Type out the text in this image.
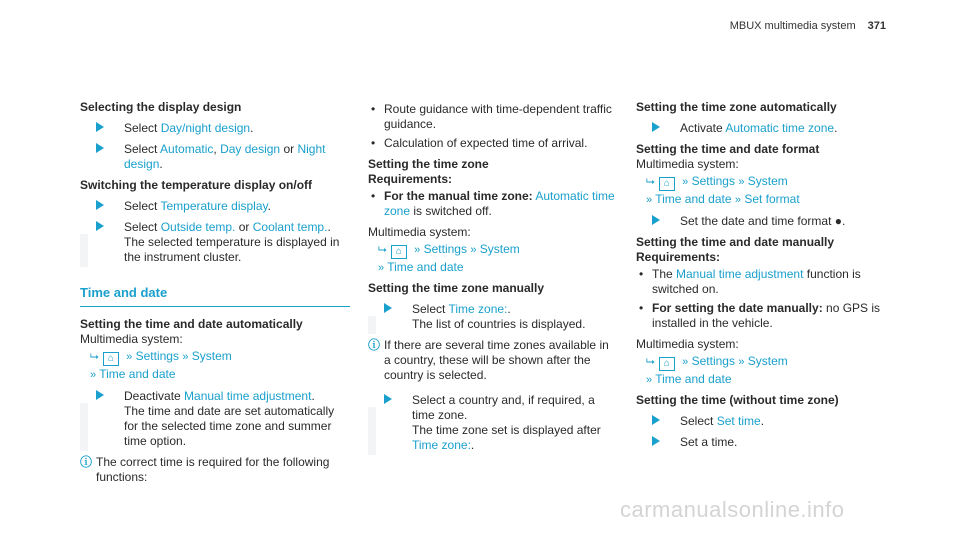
MBUX multimedia system 371

Selecting the display design

Select Day/night design.
Select Automatic, Day design or Night design.

Switching the temperature display on/off

Select Temperature display.
Select Outside temp. or Coolant temp..
The selected temperature is displayed in the instrument cluster.

Time and date

Setting the time and date automatically

Multimedia system:

⮡ ⌂ » Settings » System
» Time and date
Deactivate Manual time adjustment.
The time and date are set automatically for the selected time zone and summer time option.
ⓘ The correct time is required for the following functions:
• Route guidance with time-dependent traffic guidance.
• Calculation of expected time of arrival.

Setting the time zone

Requirements:

• For the manual time zone: Automatic time zone is switched off.

Multimedia system:

⮡ ⌂ » Settings » System
» Time and date

Setting the time zone manually

Select Time zone:.
The list of countries is displayed.
ⓘ If there are several time zones available in a country, these will be shown after the country is selected.
Select a country and, if required, a time zone.
The time zone set is displayed after Time zone:.

Setting the time zone automatically

Activate Automatic time zone.

Setting the time and date format

Multimedia system:

⮡ ⌂ » Settings » System
» Time and date » Set format
Set the date and time format ●.

Setting the time and date manually

Requirements:

• The Manual time adjustment function is switched on.
• For setting the date manually: no GPS is installed in the vehicle.

Multimedia system:

⮡ ⌂ » Settings » System
» Time and date

Setting the time (without time zone)

Select Set time.
Set a time.
carmanualsonline.info
